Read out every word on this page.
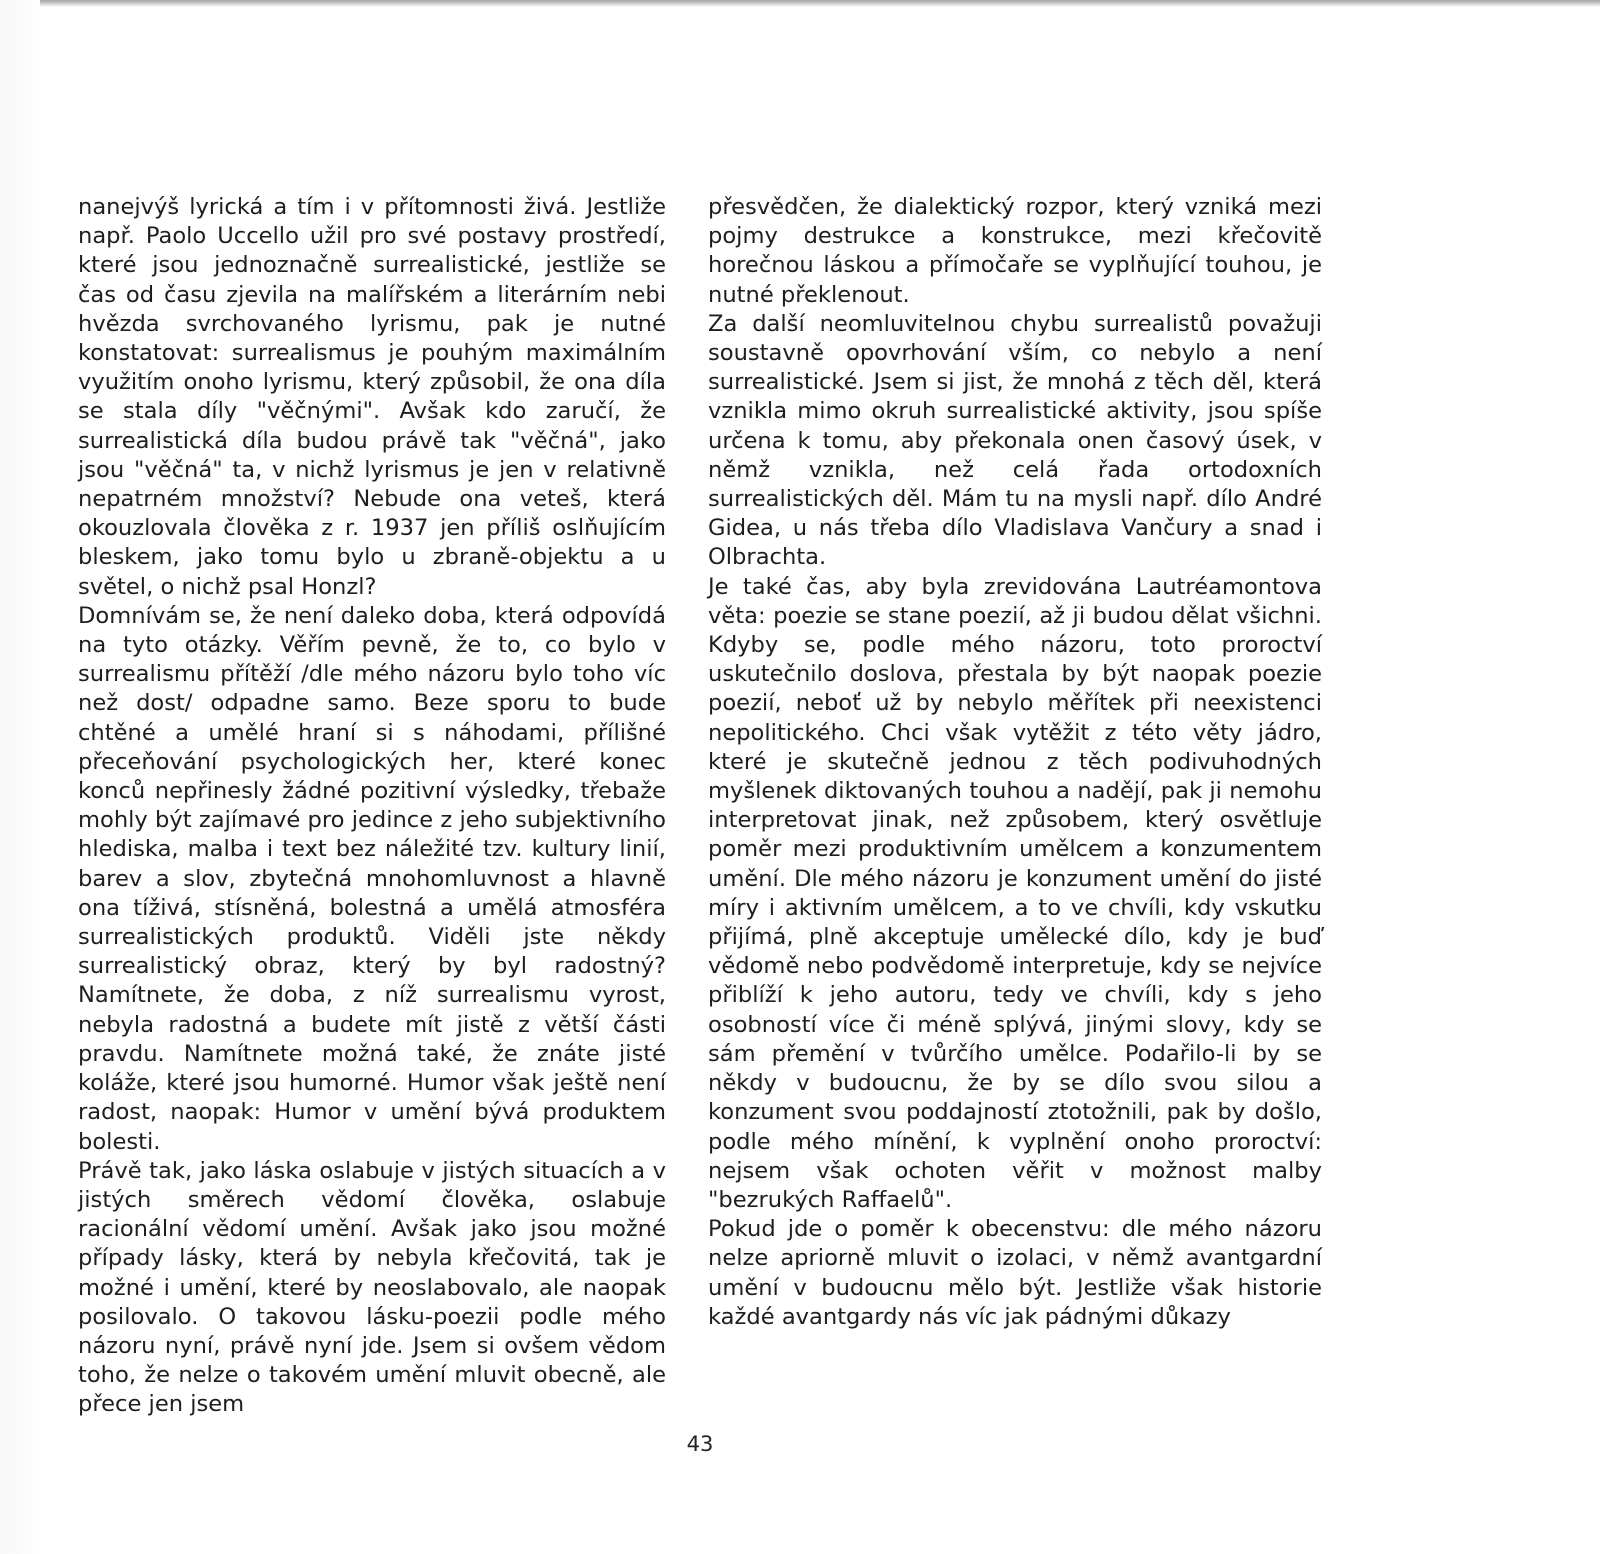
nanejvýš lyrická a tím i v přítomnosti živá. Jestliže např. Paolo Uccello užil pro své postavy prostředí, které jsou jednoznačně surrealistické, jestliže se čas od času zjevila na malířském a literárním nebi hvězda svrchovaného lyrismu, pak je nutné konstatovat: surrealismus je pouhým maximálním využitím onoho lyrismu, který způsobil, že ona díla se stala díly "věčnými". Avšak kdo zaručí, že surrealistická díla budou právě tak "věčná", jako jsou "věčná" ta, v nichž lyrismus je jen v relativně nepatrném množství? Nebude ona veteš, která okouzlovala člověka z r. 1937 jen příliš oslňujícím bleskem, jako tomu bylo u zbraně-objektu a u světel, o nichž psal Honzl?

Domnívám se, že není daleko doba, která odpovídá na tyto otázky. Věřím pevně, že to, co bylo v surrealismu přítěží /dle mého názoru bylo toho víc než dost/ odpadne samo. Beze sporu to bude chtěné a umělé hraní si s náhodami, přílišné přeceňování psychologických her, které konec konců nepřinesly žádné pozitivní výsledky, třebaže mohly být zajímavé pro jedince z jeho subjektivního hlediska, malba i text bez náležité tzv. kultury linií, barev a slov, zbytečná mnohomluvnost a hlavně ona tíživá, stísněná, bolestná a umělá atmosféra surrealistických produktů. Viděli jste někdy surrealistický obraz, který by byl radostný? Namítnete, že doba, z níž surrealismu vyrost, nebyla radostná a budete mít jistě z větší části pravdu. Namítnete možná také, že znáte jisté koláže, které jsou humorné. Humor však ještě není radost, naopak: Humor v umění bývá produktem bolesti.

Právě tak, jako láska oslabuje v jistých situacích a v jistých směrech vědomí člověka, oslabuje racionální vědomí umění. Avšak jako jsou možné případy lásky, která by nebyla křečovitá, tak je možné i umění, které by neoslabovalo, ale naopak posilovalo. O takovou lásku-poezii podle mého názoru nyní, právě nyní jde. Jsem si ovšem vědom toho, že nelze o takovém umění mluvit obecně, ale přece jen jsem

přesvědčen, že dialektický rozpor, který vzniká mezi pojmy destrukce a konstrukce, mezi křečovitě horečnou láskou a přímočaře se vyplňující touhou, je nutné překlenout.

Za další neomluvitelnou chybu surrealistů považuji soustavně opovrhování vším, co nebylo a není surrealistické. Jsem si jist, že mnohá z těch děl, která vznikla mimo okruh surrealistické aktivity, jsou spíše určena k tomu, aby překonala onen časový úsek, v němž vznikla, než celá řada ortodoxních surrealistických děl. Mám tu na mysli např. dílo André Gidea, u nás třeba dílo Vladislava Vančury a snad i Olbrachta.

Je také čas, aby byla zrevidována Lautréamontova věta: poezie se stane poezií, až ji budou dělat všichni. Kdyby se, podle mého názoru, toto proroctví uskutečnilo doslova, přestala by být naopak poezie poezií, neboť už by nebylo měřítek při neexistenci nepolitického. Chci však vytěžit z této věty jádro, které je skutečně jednou z těch podivuhodných myšlenek diktovaných touhou a nadějí, pak ji nemohu interpretovat jinak, než způsobem, který osvětluje poměr mezi produktivním umělcem a konzumentem umění. Dle mého názoru je konzument umění do jisté míry i aktivním umělcem, a to ve chvíli, kdy vskutku přijímá, plně akceptuje umělecké dílo, kdy je buď vědomě nebo podvědomě interpretuje, kdy se nejvíce přiblíží k jeho autoru, tedy ve chvíli, kdy s jeho osobností více či méně splývá, jinými slovy, kdy se sám přemění v tvůrčího umělce. Podařilo-li by se někdy v budoucnu, že by se dílo svou silou a konzument svou poddajností ztotožnili, pak by došlo, podle mého mínění, k vyplnění onoho proroctví: nejsem však ochoten věřit v možnost malby "bezrukých Raffaelů".

Pokud jde o poměr k obecenstvu: dle mého názoru nelze apriorně mluvit o izolaci, v němž avantgardní umění v budoucnu mělo být. Jestliže však historie každé avantgardy nás víc jak pádnými důkazy

43
